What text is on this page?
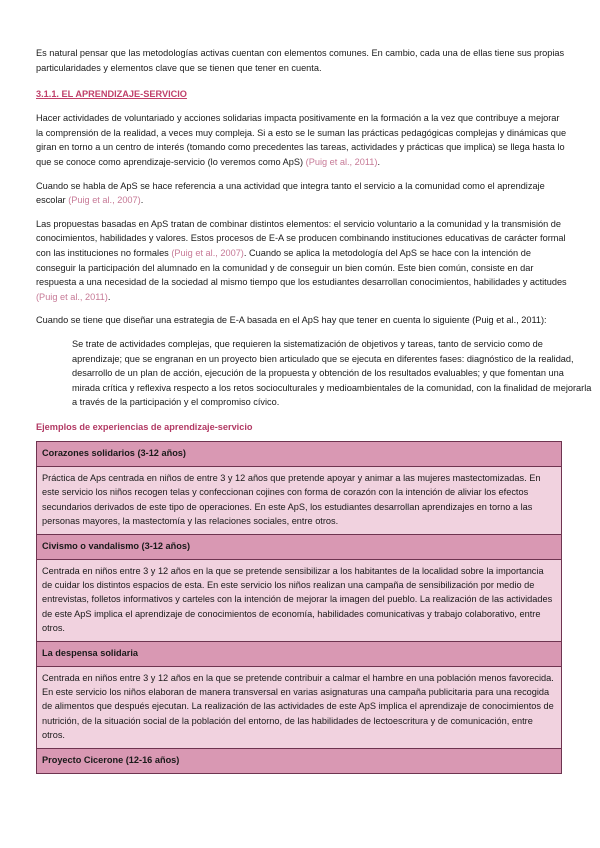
Es natural pensar que las metodologías activas cuentan con elementos comunes. En cambio, cada una de ellas tiene sus propias particularidades y elementos clave que se tienen que tener en cuenta.

3.1.1. EL APRENDIZAJE-SERVICIO

Hacer actividades de voluntariado y acciones solidarias impacta positivamente en la formación a la vez que contribuye a mejorar la comprensión de la realidad, a veces muy compleja. Si a esto se le suman las prácticas pedagógicas complejas y dinámicas que giran en torno a un centro de interés (tomando como precedentes las tareas, actividades y prácticas que implica) se llega hasta lo que se conoce como aprendizaje-servicio (lo veremos como ApS) (Puig et al., 2011).

Cuando se habla de ApS se hace referencia a una actividad que integra tanto el servicio a la comunidad como el aprendizaje escolar (Puig et al., 2007).

Las propuestas basadas en ApS tratan de combinar distintos elementos: el servicio voluntario a la comunidad y la transmisión de conocimientos, habilidades y valores. Estos procesos de E-A se producen combinando instituciones educativas de carácter formal con las instituciones no formales (Puig et al., 2007). Cuando se aplica la metodología del ApS se hace con la intención de conseguir la participación del alumnado en la comunidad y de conseguir un bien común. Este bien común, consiste en dar respuesta a una necesidad de la sociedad al mismo tiempo que los estudiantes desarrollan conocimientos, habilidades y actitudes (Puig et al., 2011).

Cuando se tiene que diseñar una estrategia de E-A basada en el ApS hay que tener en cuenta lo siguiente (Puig et al., 2011):

Se trate de actividades complejas, que requieren la sistematización de objetivos y tareas, tanto de servicio como de aprendizaje; que se engranan en un proyecto bien articulado que se ejecuta en diferentes fases: diagnóstico de la realidad, desarrollo de un plan de acción, ejecución de la propuesta y obtención de los resultados evaluables; y que fomentan una mirada crítica y reflexiva respecto a los retos socioculturales y medioambientales de la comunidad, con la finalidad de mejorarla a través de la participación y el compromiso cívico.

Ejemplos de experiencias de aprendizaje-servicio
Corazones solidarios (3-12 años)
Práctica de Aps centrada en niños de entre 3 y 12 años que pretende apoyar y animar a las mujeres mastectomizadas. En este servicio los niños recogen telas y confeccionan cojines con forma de corazón con la intención de aliviar los efectos secundarios derivados de este tipo de operaciones. En este ApS, los estudiantes desarrollan aprendizajes en torno a las personas mayores, la mastectomía y las relaciones sociales, entre otros.
Civismo o vandalismo (3-12 años)
Centrada en niños entre 3 y 12 años en la que se pretende sensibilizar a los habitantes de la localidad sobre la importancia de cuidar los distintos espacios de esta. En este servicio los niños realizan una campaña de sensibilización por medio de entrevistas, folletos informativos y carteles con la intención de mejorar la imagen del pueblo. La realización de las actividades de este ApS implica el aprendizaje de conocimientos de economía, habilidades comunicativas y trabajo colaborativo, entre otros.
La despensa solidaria
Centrada en niños entre 3 y 12 años en la que se pretende contribuir a calmar el hambre en una población menos favorecida. En este servicio los niños elaboran de manera transversal en varias asignaturas una campaña publicitaria para una recogida de alimentos que después ejecutan. La realización de las actividades de este ApS implica el aprendizaje de conocimientos de nutrición, de la situación social de la población del entorno, de las habilidades de lectoescritura y de comunicación, entre otros.
Proyecto Cicerone (12-16 años)
